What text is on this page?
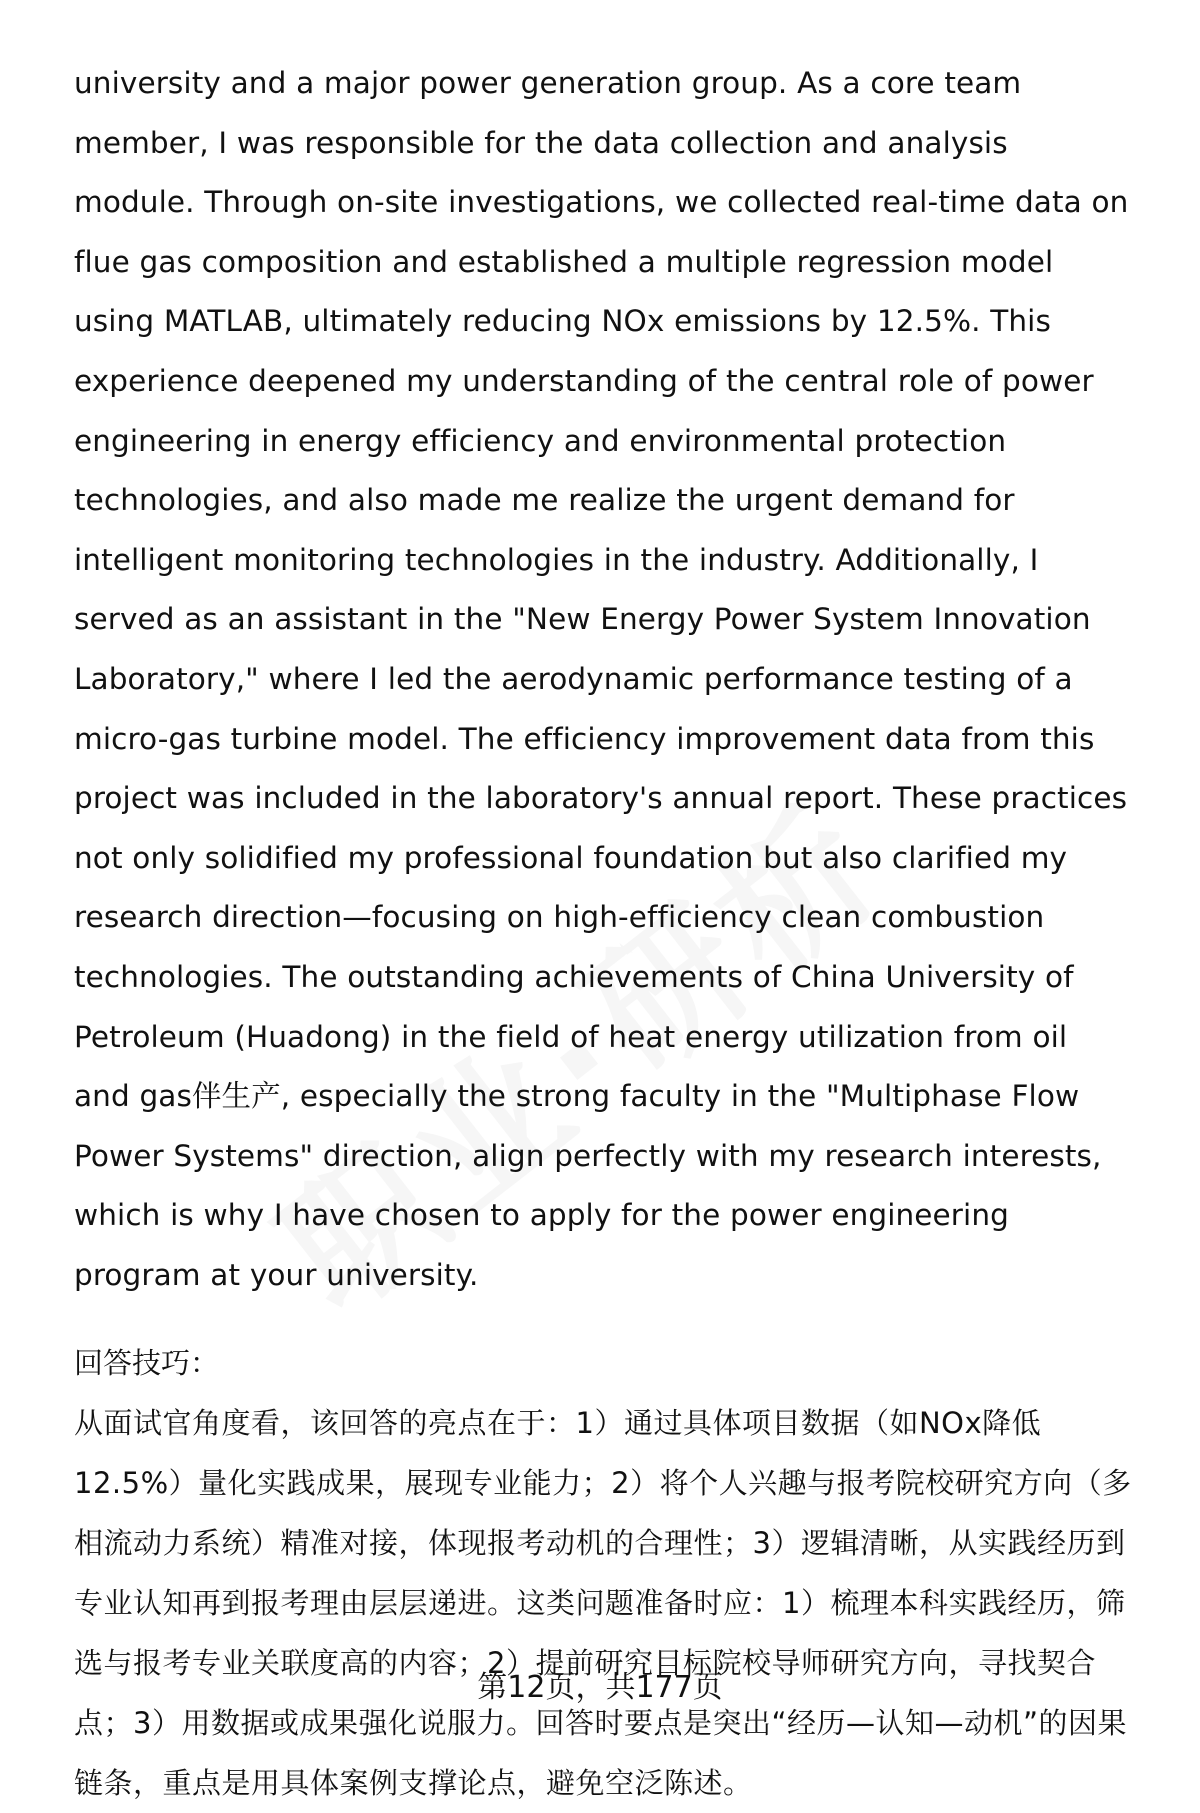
university and a major power generation group. As a core team member, I was responsible for the data collection and analysis module. Through on-site investigations, we collected real-time data on flue gas composition and established a multiple regression model using MATLAB, ultimately reducing NOx emissions by 12.5%. This experience deepened my understanding of the central role of power engineering in energy efficiency and environmental protection technologies, and also made me realize the urgent demand for intelligent monitoring technologies in the industry. Additionally, I served as an assistant in the "New Energy Power System Innovation Laboratory," where I led the aerodynamic performance testing of a micro-gas turbine model. The efficiency improvement data from this project was included in the laboratory's annual report. These practices not only solidified my professional foundation but also clarified my research direction—focusing on high-efficiency clean combustion technologies. The outstanding achievements of China University of Petroleum (Huadong) in the field of heat energy utilization from oil and gas伴生产, especially the strong faculty in the "Multiphase Flow Power Systems" direction, align perfectly with my research interests, which is why I have chosen to apply for the power engineering program at your university.

回答技巧：

从面试官角度看，该回答的亮点在于：1）通过具体项目数据（如NOx降低12.5%）量化实践成果，展现专业能力；2）将个人兴趣与报考院校研究方向（多相流动力系统）精准对接，体现报考动机的合理性；3）逻辑清晰，从实践经历到专业认知再到报考理由层层递进。这类问题准备时应：1）梳理本科实践经历，筛选与报考专业关联度高的内容；2）提前研究目标院校导师研究方向，寻找契合点；3）用数据或成果强化说服力。回答时要点是突出“经历—认知—动机”的因果链条，重点是用具体案例支撑论点，避免空泛陈述。

第12页，共177页
